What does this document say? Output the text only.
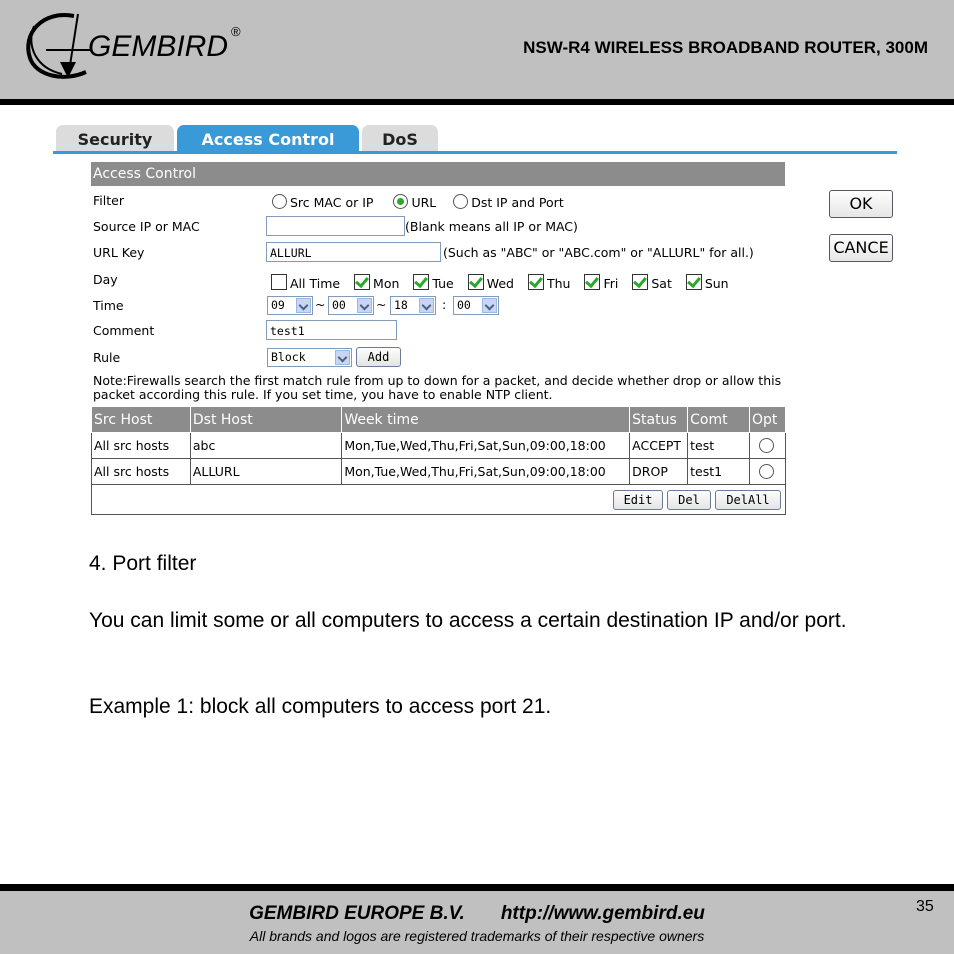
GEMBIRD ®
NSW-R4 WIRELESS BROADBAND ROUTER, 300M
Security	Access Control	DoS
Access Control
Filter	Src MAC or IP	URL	Dst IP and Port
Source IP or MAC	(Blank means all IP or MAC)
URL Key	ALLURL	(Such as "ABC" or "ABC.com" or "ALLURL" for all.)
Day	All Time	Mon	Tue	Wed	Thu	Fri	Sat	Sun
Time	09	~ 00	~ 18	: 00
Comment	test1
Rule	Block	Add
OK
CANCE
Note:Firewalls search the first match rule from up to down for a packet, and decide whether drop or allow this packet according this rule. If you set time, you have to enable NTP client.
Src Host	Dst Host	Week time	Status	Comt	Opt
All src hosts	abc	Mon,Tue,Wed,Thu,Fri,Sat,Sun,09:00,18:00	ACCEPT	test	
All src hosts	ALLURL	Mon,Tue,Wed,Thu,Fri,Sat,Sun,09:00,18:00	DROP	test1	
Edit Del DelAll					
4. Port filter
You can limit some or all computers to access a certain destination IP and/or port.
Example 1: block all computers to access port 21.
GEMBIRD EUROPE B.V. http://www.gembird.eu
All brands and logos are registered trademarks of their respective owners
35
